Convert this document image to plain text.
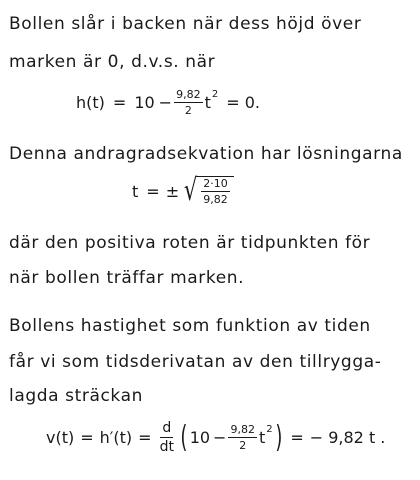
Bollen slår i backen när dess höjd över
marken är 0, d.v.s. när
$h(t) = 10 - \frac{9,82}{2}$ t 2 = 0.
Denna andragradsekvation har lösningarna
t = ± √ $\frac{2\cdot 10}{9,82}$
där den positiva roten är tidpunkten för
när bollen träffar marken.
Bollens hastighet som funktion av tiden
får vi som tidsderivatan av den tillrygga-
lagda sträckan
$v(t) = h'(t) = \frac{d}{dt}$ ( $10 - \frac{9,82}{2}$ t 2 ) = − 9,82 t .
